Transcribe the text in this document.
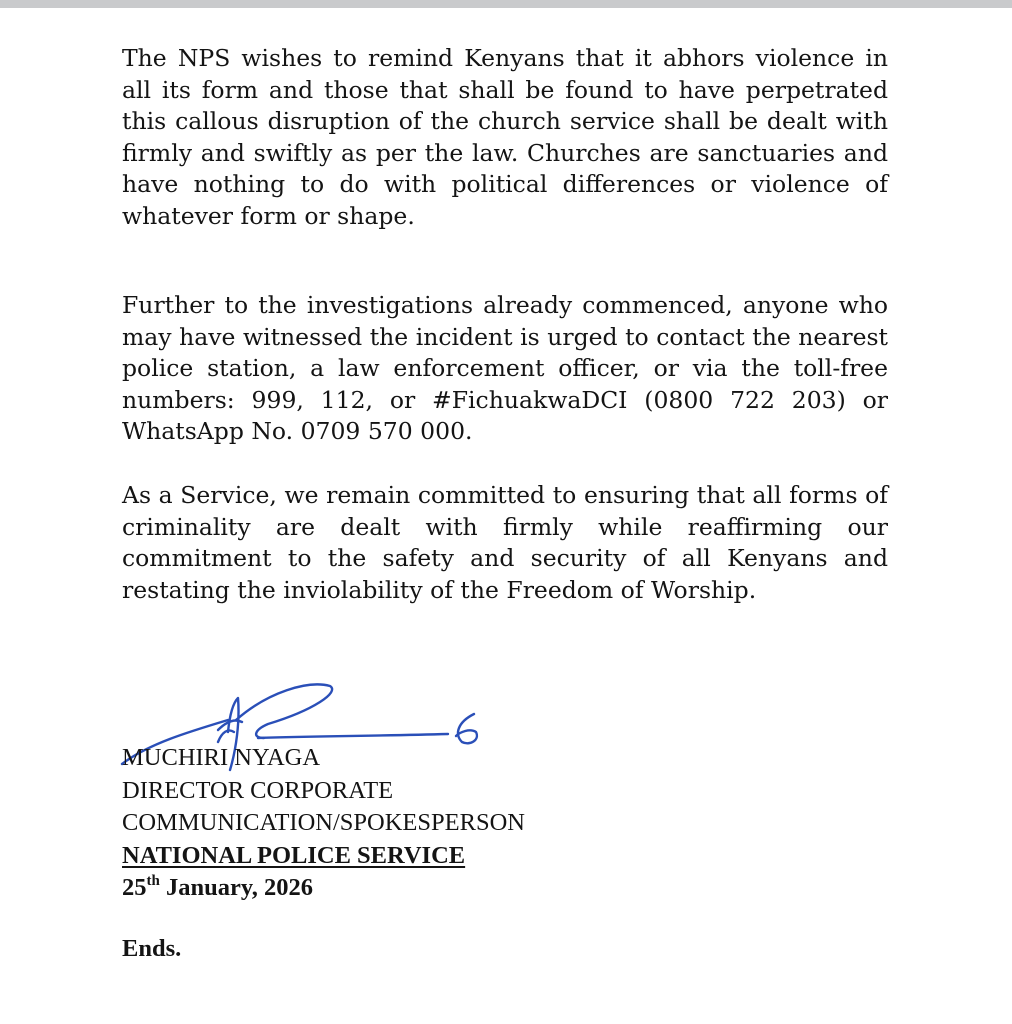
The NPS wishes to remind Kenyans that it abhors violence in all its form and those that shall be found to have perpetrated this callous disruption of the church service shall be dealt with firmly and swiftly as per the law. Churches are sanctuaries and have nothing to do with political differences or violence of whatever form or shape.

Further to the investigations already commenced, anyone who may have witnessed the incident is urged to contact the nearest police station, a law enforcement officer, or via the toll-free numbers: 999, 112, or #FichuakwaDCI (0800 722 203) or WhatsApp No. 0709 570 000.

As a Service, we remain committed to ensuring that all forms of criminality are dealt with firmly while reaffirming our commitment to the safety and security of all Kenyans and restating the inviolability of the Freedom of Worship.

MUCHIRI NYAGA
DIRECTOR CORPORATE
COMMUNICATION/SPOKESPERSON
NATIONAL POLICE SERVICE
25th January, 2026
Ends.
